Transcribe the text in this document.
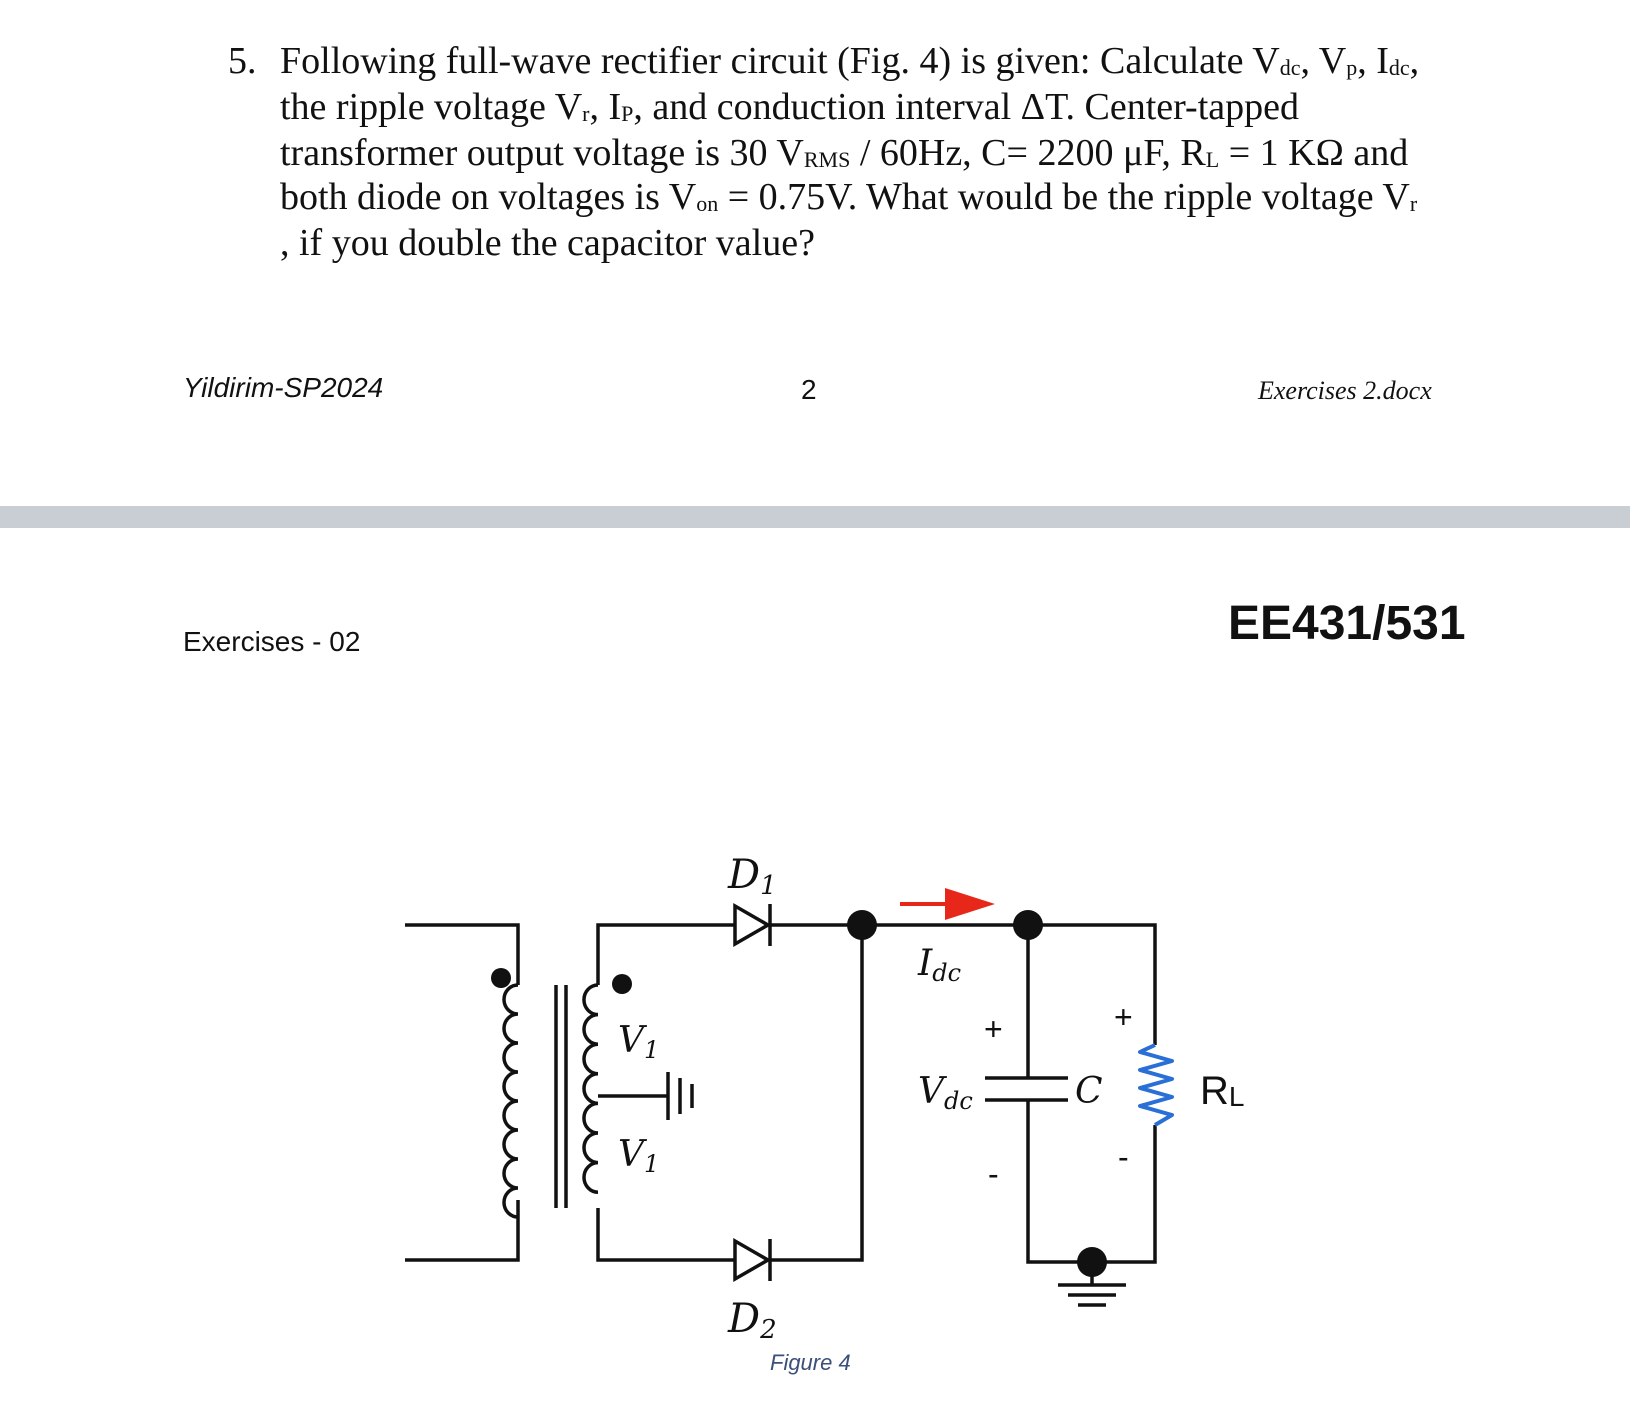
5. Following full-wave rectifier circuit (Fig. 4) is given: Calculate $V_{dc}$, $V_p$, $I_{dc}$,
the ripple voltage $V_r$, $I_P$, and conduction interval ΔT. Center-tapped
transformer output voltage is 30 $V_{RMS} / 60Hz$, C= 2200 μF, $R_L = 1$ KΩ and
both diode on voltages is $V_{on} = 0.75V$. What would be the ripple voltage $V_r$
, if you double the capacitor value?
Yildirim-SP2024	2	Exercises 2.docx
Exercises - 02	EE431/531
D1
D2
V1
V1
Idc
Vdc	C
+
-
+
-
RL
Figure 4
